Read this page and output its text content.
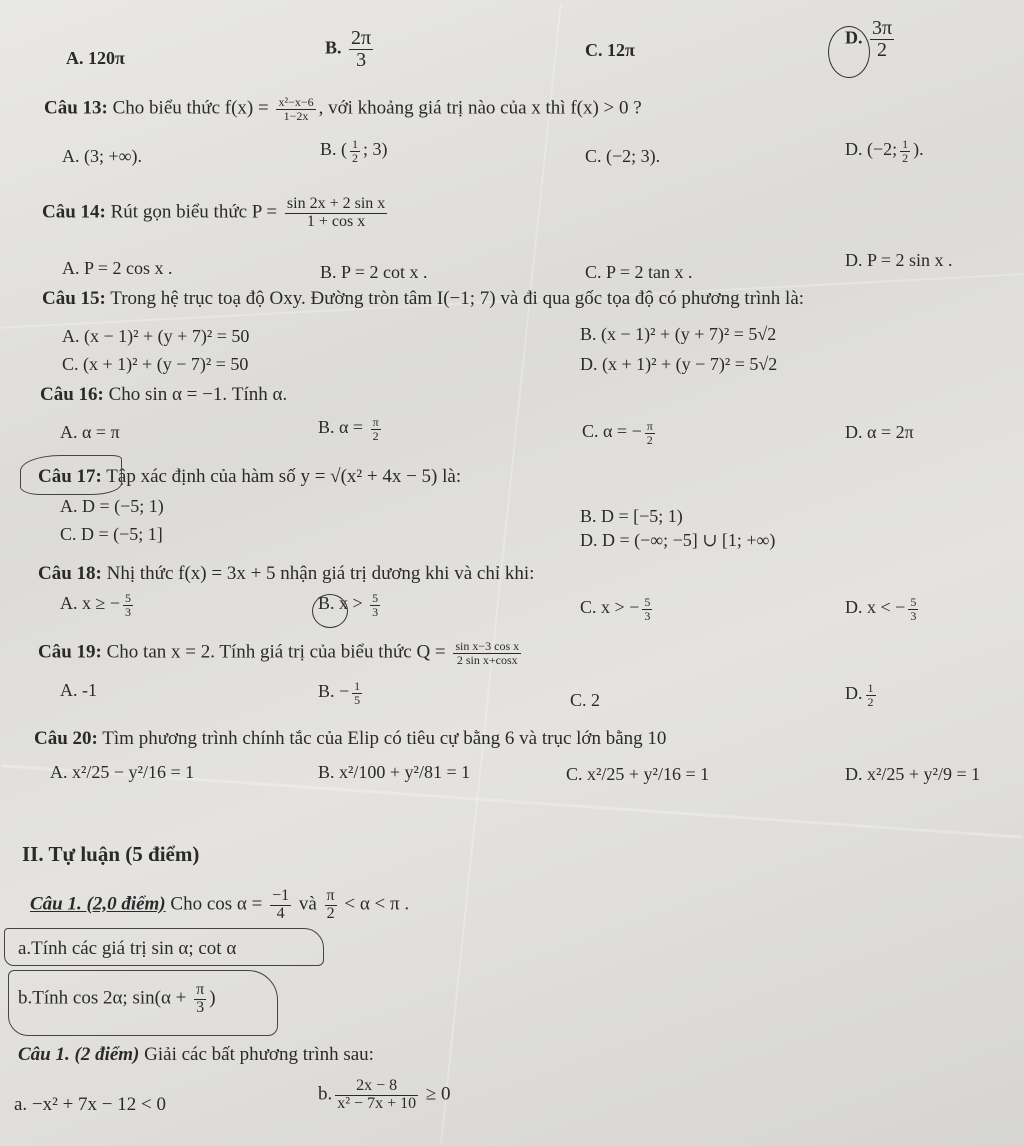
A. 120π
B. $\frac{2\pi}{3}$	C. 12π
D. $\frac{3\pi}{2}$
Câu 13: Cho biểu thức $f(x) = \frac{\text{x²−x−6}}{1-2x}$ , với khoảng giá trị nào của x thì f(x) > 0 ?
A. (3; +∞).	B. ( $\frac{1}{2}$ ; 3)	C. (−2; 3).	D. (−2; $\frac{1}{2}$ ).
Câu 14: Rút gọn biểu thức $P = \frac{\text{sin 2x + 2 sin x}}{\text{1 + cos x}}$
A. P = 2 cos x .	B. P = 2 cot x .	C. P = 2 tan x .
D. P = 2 sin x .
Câu 15: Trong hệ trục toạ độ Oxy. Đường tròn tâm I(−1; 7) và đi qua gốc tọa độ có phương trình là:
A. (x − 1)² + (y + 7)² = 50	B. (x − 1)² + (y + 7)² = 5√2
C. (x + 1)² + (y − 7)² = 50	D. (x + 1)² + (y − 7)² = 5√2
Câu 16: Cho sin α = −1. Tính α.
A. α = π	B. $\alpha = \frac{\pi}{2}$	C. α = − $\frac{\pi}{2}$	D. α = 2π
Câu 17: Tập xác định của hàm số y = √(x² + 4x − 5) là:
A. D = (−5; 1)	B. D = [−5; 1)
C. D = (−5; 1]	D. D = (−∞; −5] ∪ [1; +∞)
Câu 18: Nhị thức f(x) = 3x + 5 nhận giá trị dương khi và chỉ khi:
A. x ≥ − $\frac{5}{3}$	B. $x > \frac{5}{3}$	C. x > − $\frac{5}{3}$	D. x < − $\frac{5}{3}$
Câu 19: Cho tan x = 2. Tính giá trị của biểu thức $Q = \frac{\text{sin x−3 cos x}}{\text{2 sin x+cosx}}$
A. -1	B. − $\frac{1}{5}$	C. 2	D. $\frac{1}{2}$
Câu 20: Tìm phương trình chính tắc của Elip có tiêu cự bằng 6 và trục lớn bằng 10
A. x²/25 − y²/16 = 1	B. x²/100 + y²/81 = 1	C. x²/25 + y²/16 = 1	D. x²/25 + y²/9 = 1
II. Tự luận (5 điểm)
Câu 1. (2,0 điểm) Cho $\cos \alpha = \frac{-1}{4}$ và $\frac{\pi}{2} < \alpha < \pi$ .
a.Tính các giá trị sin α; cot α
b.Tính cos 2α; $\sin(\alpha + \frac{\pi}{3}$ )
Câu 1. (2 điểm) Giải các bất phương trình sau:
a. −x² + 7x − 12 < 0	b. $\frac{2x - 8}{\text{x² − 7x + 10}} \ge 0$
